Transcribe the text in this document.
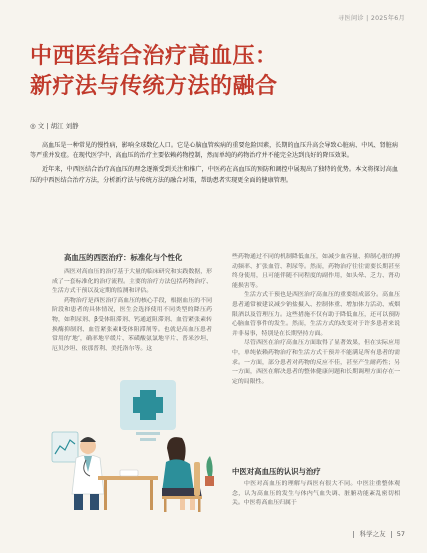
寻医问诊 | 2025年6月
中西医结合治疗高血压：
新疗法与传统方法的融合
◎ 文 | 胡江 刘静

高血压是一种常见的慢性病，影响全球数亿人口。它是心脑血管疾病的重要危险因素，长期的血压升高会导致心脏病、中风、肾脏病等严重并发症。在现代医学中，高血压的治疗主要依赖药物控制，然而单纯的药物治疗并不能完全达到良好的降压效果。

近年来，中西医结合治疗高血压的理念逐渐受到关注和推广，中医药在高血压的预防和调控中展现出了独特的优势。本文将探讨高血压的中西医结合治疗方法，分析新疗法与传统方法的融合对策，帮助患者实现更全面的健康管理。

高血压的西医治疗：标准化与个性化

西医对高血压的治疗基于大量的临床研究和实践数据，形成了一套标准化的治疗流程。主要的治疗方法包括药物治疗、生活方式干预以及定期的监测和评估。

药物治疗是西医治疗高血压的核心手段，根据血压的不同阶段和患者的具体情况，医生会选择使用不同类型的降压药物，如利尿剂、β受体阻滞剂、钙通道阻滞剂、血管紧张素转换酶抑制剂、血管紧张素Ⅱ受体阻滞剂等。也就是高血压患者常用的‘地’，确率地平缓片、苯磺酸氨氯地平片、普米沙坦、厄贝沙坦、依那普利、美托洛尔等。这

些药物通过不同的机制降低血压，如减少血容量、抑制心脏的搏动频率、扩张血管、利尿等。然而，药物治疗往往需要长期甚至终身使用，且可能伴随不同程度的副作用，如头晕、乏力、肾功能损害等。

生活方式干预也是西医治疗高血压的重要组成部分。高血压患者通常被建议减少钠盐摄入、控制体重、增加体力活动、戒烟限酒以及管理压力。这些措施不仅有助于降低血压，还可以预防心脑血管事件的发生。然而，生活方式的改变对于许多患者来说并非易事，特别是在长期坚持方面。

尽管西医在治疗高血压方面取得了显著效果，但在实际应用中，单纯依赖药物治疗和生活方式干预并不能满足所有患者的需求。一方面，部分患者对药物的反应不佳，甚至产生耐药性；另一方面，西医在解决患者的整体健康问题和长期调理方面存在一定的局限性。

中医对高血压的认识与治疗

中医对高血压的理解与西医有很大不同。中医注重整体观念，认为高血压的发生与体内气血失调、脏腑功能紊乱密切相关。中医将高血压归属于

科学之友 57
